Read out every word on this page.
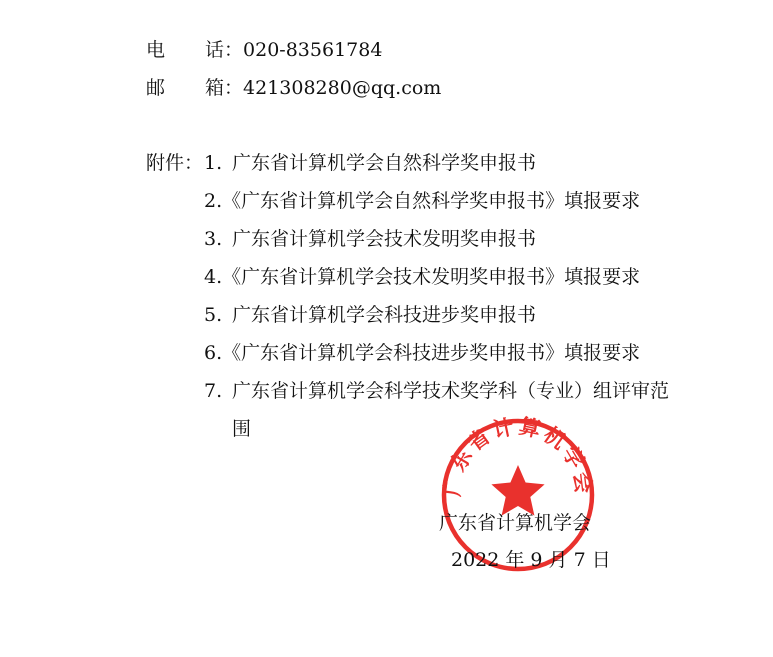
电 话：020-83561784
邮 箱：421308280@qq.com
附件： 1. 广东省计算机学会自然科学奖申报书
2.《广东省计算机学会自然科学奖申报书》填报要求
3. 广东省计算机学会技术发明奖申报书
4.《广东省计算机学会技术发明奖申报书》填报要求
5. 广东省计算机学会科技进步奖申报书
6.《广东省计算机学会科技进步奖申报书》填报要求
7. 广东省计算机学会科学技术奖学科（专业）组评审范
围
广东省计算机学会
广东省计算机学会
2022 年 9 月 7 日
